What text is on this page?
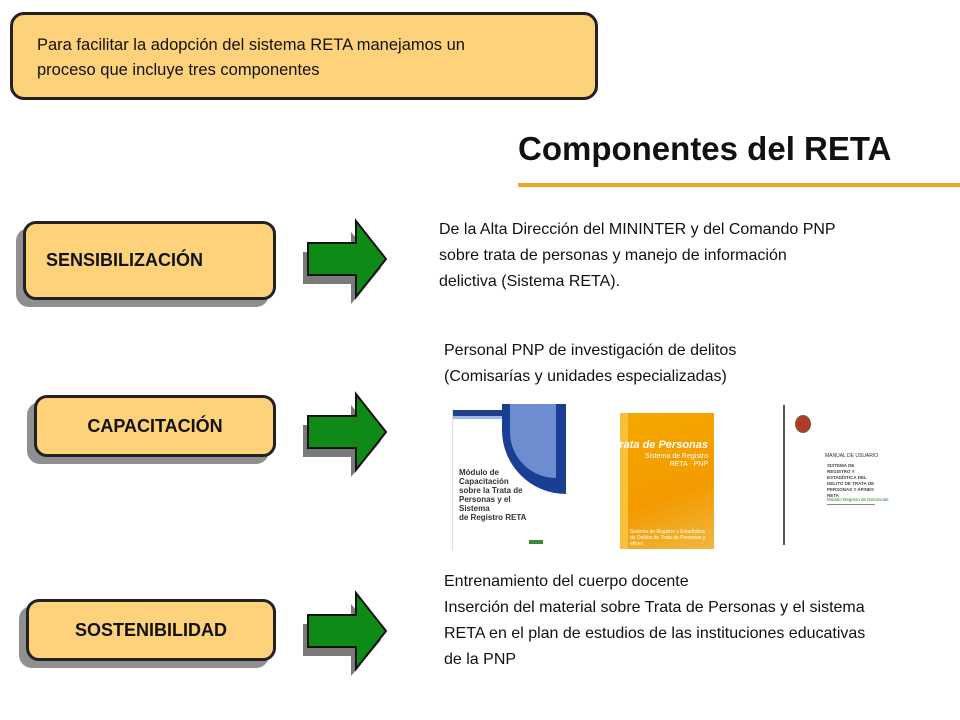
Para facilitar la adopción del sistema RETA manejamos un
proceso que incluye tres componentes
Componentes del RETA
SENSIBILIZACIÓN
De la Alta Dirección del MININTER y del Comando PNP
sobre trata de personas y manejo de información
delictiva (Sistema RETA).
CAPACITACIÓN
Personal PNP de investigación de delitos
(Comisarías y unidades especializadas)
Módulo de Capacitación
sobre la Trata de
Personas y el Sistema
de Registro RETA
Trata de Personas
Sistema de Registro
RETA - PNP
Sistema de Registro y Estadística de Delitos de Trata de Personas y afines
MANUAL DE USUARIO
SISTEMA DE REGISTRO Y ESTADÍSTICA DEL DELITO DE TRATA DE PERSONAS Y AFINES RETA
Módulo Registro de Denuncias
SOSTENIBILIDAD
Entrenamiento del cuerpo docente
Inserción del material sobre Trata de Personas y el sistema
RETA en el plan de estudios de las instituciones educativas
de la PNP
